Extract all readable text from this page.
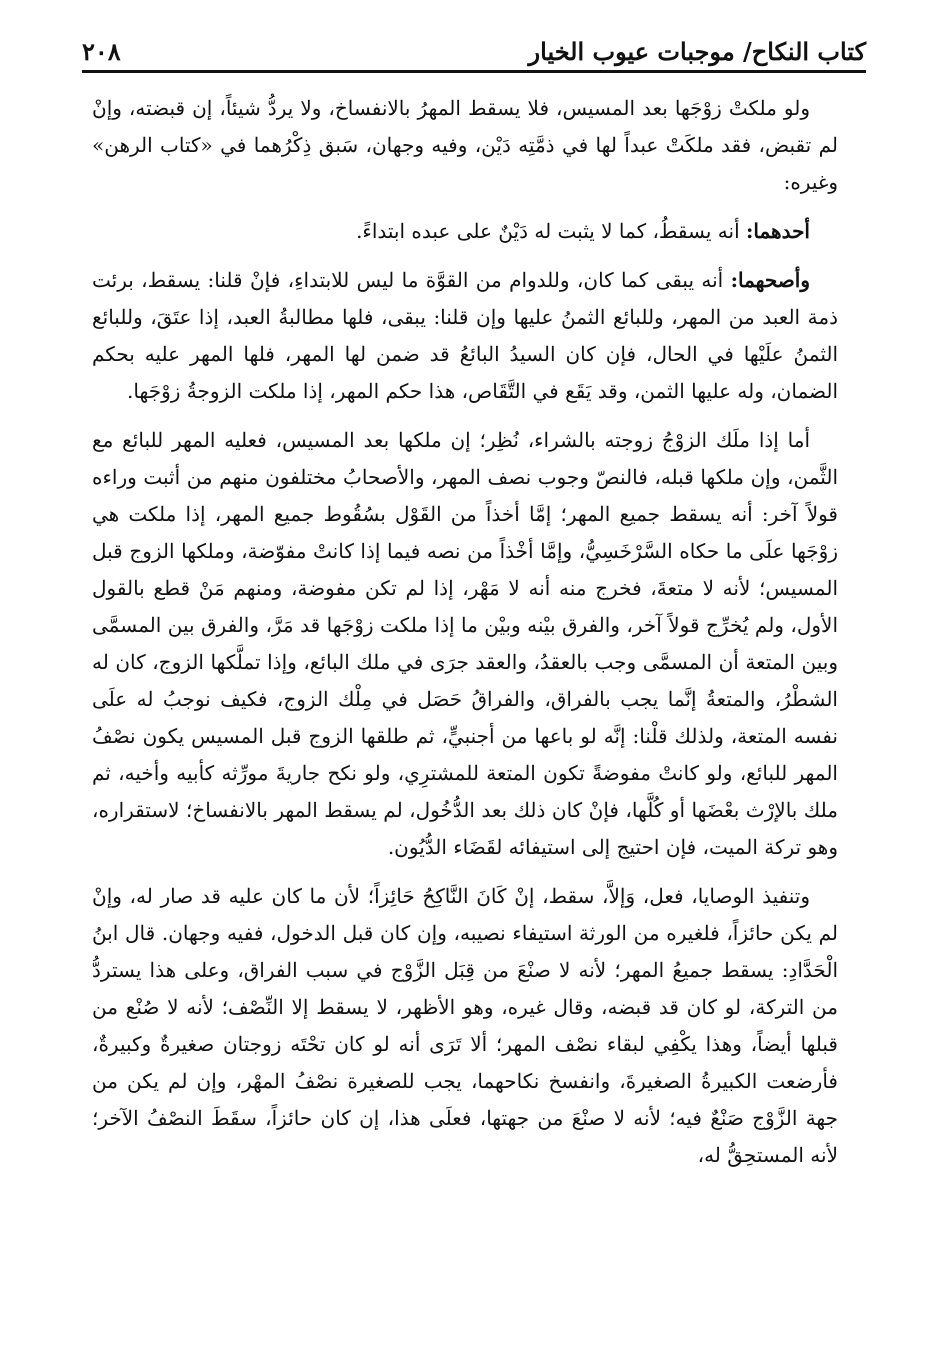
كتاب النكاح/ موجبات عيوب الخيار
٢٠٨

ولو ملكتْ زوْجَها بعد المسيس، فلا يسقط المهرُ بالانفساخ، ولا يردُّ شيئاً، إن قبضته، وإنْ لم تقبض، فقد ملكَتْ عبداً لها في ذمَّتِه دَيْن، وفيه وجهان، سَبق ذِكْرُهما في «كتاب الرهن» وغيره:

أحدهما: أنه يسقطُ، كما لا يثبت له دَيْنٌ على عبده ابتداءً.

وأصحهما: أنه يبقى كما كان، وللدوام من القوَّة ما ليس للابتداءِ، فإنْ قلنا: يسقط، برئت ذمة العبد من المهر، وللبائع الثمنُ عليها وإن قلنا: يبقى، فلها مطالبةُ العبد، إذا عتَقَ، وللبائع الثمنُ علَيْها في الحال، فإن كان السيدُ البائعُ قد ضمن لها المهر، فلها المهر عليه بحكم الضمان، وله عليها الثمن، وقد يَقَع في التَّقَاص، هذا حكم المهر، إذا ملكت الزوجةُ زوْجَها.

أما إذا ملَك الزوْجُ زوجته بالشراء، نُظِر؛ إن ملكها بعد المسيس، فعليه المهر للبائع مع الثَّمن، وإن ملكها قبله، فالنصّ وجوب نصف المهر، والأصحابُ مختلفون منهم من أثبت وراءه قولاً آخر: أنه يسقط جميع المهر؛ إمَّا أخذاً من القَوْل بسُقُوط جميع المهر، إذا ملكت هي زوْجَها علَى ما حكاه السَّرْخَسِيُّ، وإمَّا أخْذاً من نصه فيما إذا كانتْ مفوّضة، وملكها الزوج قبل المسيس؛ لأنه لا متعةَ، فخرج منه أنه لا مَهْر، إذا لم تكن مفوضة، ومنهم مَنْ قطع بالقول الأول، ولم يُخرِّج قولاً آخر، والفرق بيْنه وبيْن ما إذا ملكت زوْجَها قد مَرَّ، والفرق بين المسمَّى وبين المتعة أن المسمَّى وجب بالعقدُ، والعقد جرَى في ملك البائع، وإذا تملَّكها الزوج، كان له الشطْرُ، والمتعةُ إنَّما يجب بالفراق، والفراقُ حَصَل في مِلْك الزوج، فكيف نوجبُ له علَى نفسه المتعة، ولذلك قلْنا: إنَّه لو باعها من أجنبيٍّ، ثم طلقها الزوج قبل المسيس يكون نصْفُ المهر للبائع، ولو كانتْ مفوضةً تكون المتعة للمشترِي، ولو نكح جاريةَ مورِّثه كأبيه وأخيه، ثم ملك بالإرْث بعْضَها أو كُلَّها، فإنْ كان ذلك بعد الدُّخُول، لم يسقط المهر بالانفساخ؛ لاستقراره، وهو تركة الميت، فإن احتيج إلى استيفائه لقَضَاء الدُّيُون.

وتنفيذ الوصايا، فعل، وَإلاَّ، سقط، إنْ كَانَ النَّاكِحُ حَائِزاً؛ لأن ما كان عليه قد صار له، وإنْ لم يكن حائزاً، فلغيره من الورثة استيفاء نصيبه، وإن كان قبل الدخول، ففيه وجهان. قال ابنُ الْحَدَّادِ: يسقط جميعُ المهر؛ لأنه لا صنْعَ من قِبَل الزَّوْج في سبب الفراق، وعلى هذا يستردُّ من التركة، لو كان قد قبضه، وقال غيره، وهو الأظهر، لا يسقط إلا النِّصْف؛ لأنه لا صُنْع من قبلها أيضاً، وهذا يكْفِي لبقاء نصْف المهر؛ ألا تَرَى أنه لو كان تحْتَه زوجتان صغيرةٌ وكبيرةٌ، فأرضعت الكبيرةُ الصغيرةَ، وانفسخ نكاحهما، يجب للصغيرة نصْفُ المهْر، وإن لم يكن من جهة الزَّوْج صَنْعٌ فيه؛ لأنه لا صنْعَ من جهتها، فعلَى هذا، إن كان حائزاً، سقَطَ النصْفُ الآخر؛ لأنه المستحِقُّ له،
